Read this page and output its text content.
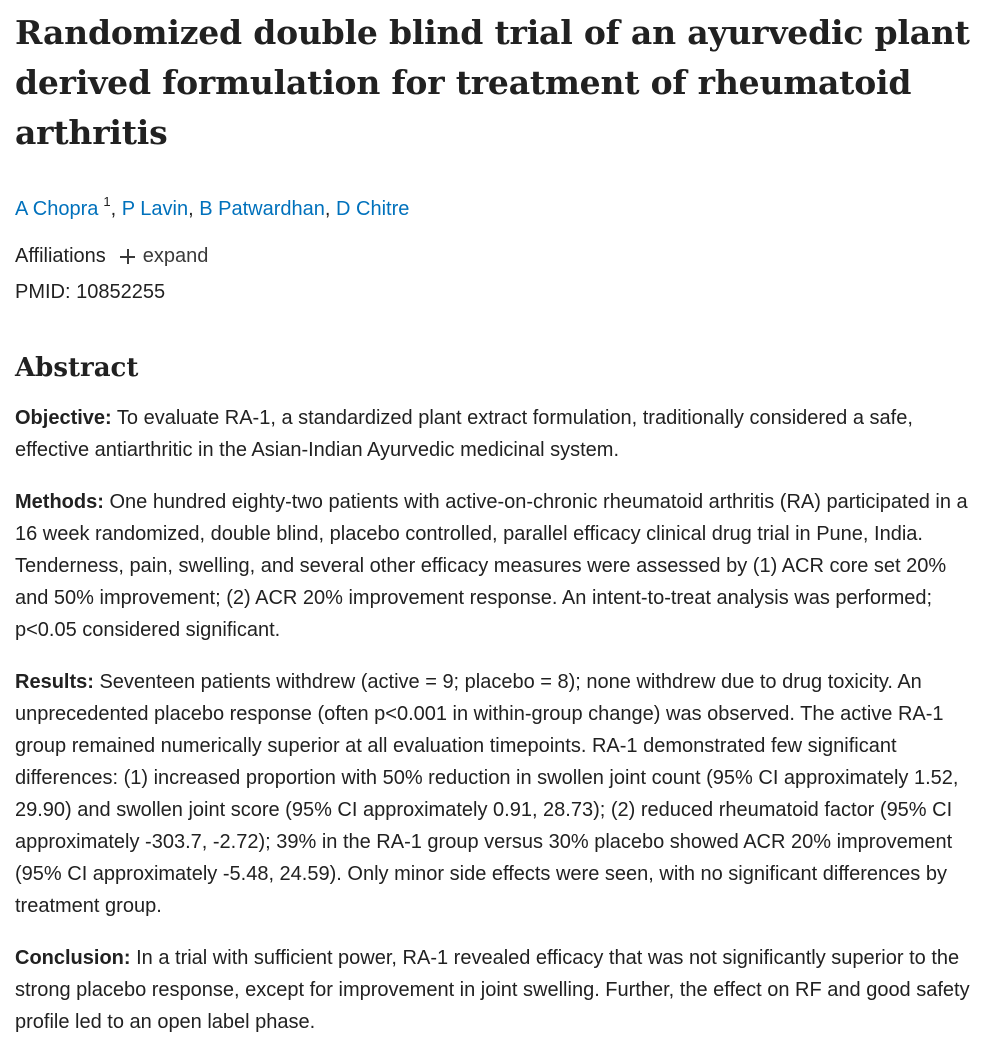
Randomized double blind trial of an ayurvedic plant derived formulation for treatment of rheumatoid arthritis
A Chopra $^1$, P Lavin, B Patwardhan, D Chitre
Affiliations expand
PMID: 10852255
Abstract

Objective: To evaluate RA-1, a standardized plant extract formulation, traditionally considered a safe, effective antiarthritic in the Asian-Indian Ayurvedic medicinal system.

Methods: One hundred eighty-two patients with active-on-chronic rheumatoid arthritis (RA) participated in a 16 week randomized, double blind, placebo controlled, parallel efficacy clinical drug trial in Pune, India. Tenderness, pain, swelling, and several other efficacy measures were assessed by (1) ACR core set 20% and 50% improvement; (2) ACR 20% improvement response. An intent-to-treat analysis was performed; p<0.05 considered significant.

Results: Seventeen patients withdrew (active = 9; placebo = 8); none withdrew due to drug toxicity. An unprecedented placebo response (often p<0.001 in within-group change) was observed. The active RA-1 group remained numerically superior at all evaluation timepoints. RA-1 demonstrated few significant differences: (1) increased proportion with 50% reduction in swollen joint count (95% CI approximately 1.52, 29.90) and swollen joint score (95% CI approximately 0.91, 28.73); (2) reduced rheumatoid factor (95% CI approximately -303.7, -2.72); 39% in the RA-1 group versus 30% placebo showed ACR 20% improvement (95% CI approximately -5.48, 24.59). Only minor side effects were seen, with no significant differences by treatment group.

Conclusion: In a trial with sufficient power, RA-1 revealed efficacy that was not significantly superior to the strong placebo response, except for improvement in joint swelling. Further, the effect on RF and good safety profile led to an open label phase.
